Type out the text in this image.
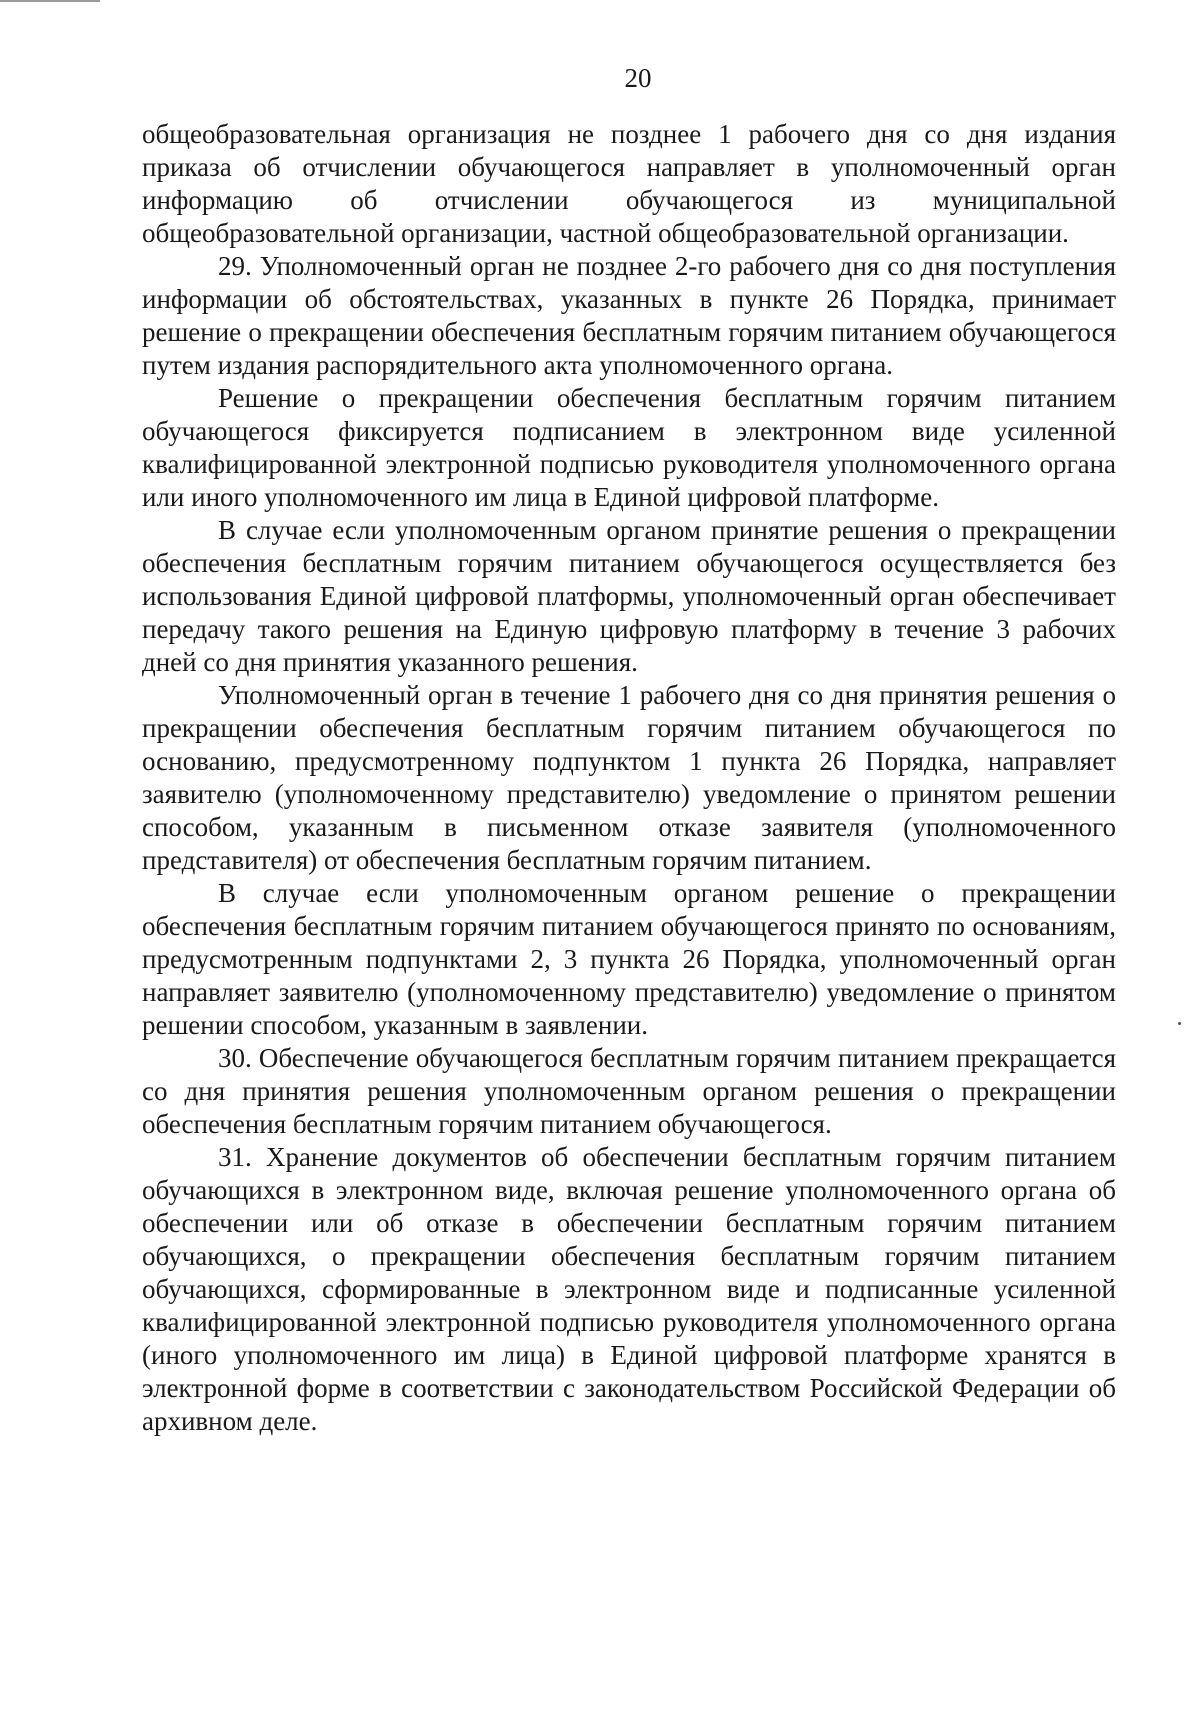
20

общеобразовательная организация не позднее 1 рабочего дня со дня издания приказа об отчислении обучающегося направляет в уполномоченный орган информацию об отчислении обучающегося из муниципальной общеобразовательной организации, частной общеобразовательной организации.

29. Уполномоченный орган не позднее 2-го рабочего дня со дня поступления информации об обстоятельствах, указанных в пункте 26 Порядка, принимает решение о прекращении обеспечения бесплатным горячим питанием обучающегося путем издания распорядительного акта уполномоченного органа.

Решение о прекращении обеспечения бесплатным горячим питанием обучающегося фиксируется подписанием в электронном виде усиленной квалифицированной электронной подписью руководителя уполномоченного органа или иного уполномоченного им лица в Единой цифровой платформе.

В случае если уполномоченным органом принятие решения о прекращении обеспечения бесплатным горячим питанием обучающегося осуществляется без использования Единой цифровой платформы, уполномоченный орган обеспечивает передачу такого решения на Единую цифровую платформу в течение 3 рабочих дней со дня принятия указанного решения.

Уполномоченный орган в течение 1 рабочего дня со дня принятия решения о прекращении обеспечения бесплатным горячим питанием обучающегося по основанию, предусмотренному подпунктом 1 пункта 26 Порядка, направляет заявителю (уполномоченному представителю) уведомление о принятом решении способом, указанным в письменном отказе заявителя (уполномоченного представителя) от обеспечения бесплатным горячим питанием.

В случае если уполномоченным органом решение о прекращении обеспечения бесплатным горячим питанием обучающегося принято по основаниям, предусмотренным подпунктами 2, 3 пункта 26 Порядка, уполномоченный орган направляет заявителю (уполномоченному представителю) уведомление о принятом решении способом, указанным в заявлении.

30. Обеспечение обучающегося бесплатным горячим питанием прекращается со дня принятия решения уполномоченным органом решения о прекращении обеспечения бесплатным горячим питанием обучающегося.

31. Хранение документов об обеспечении бесплатным горячим питанием обучающихся в электронном виде, включая решение уполномоченного органа об обеспечении или об отказе в обеспечении бесплатным горячим питанием обучающихся, о прекращении обеспечения бесплатным горячим питанием обучающихся, сформированные в электронном виде и подписанные усиленной квалифицированной электронной подписью руководителя уполномоченного органа (иного уполномоченного им лица) в Единой цифровой платформе хранятся в электронной форме в соответствии с законодательством Российской Федерации об архивном деле.
